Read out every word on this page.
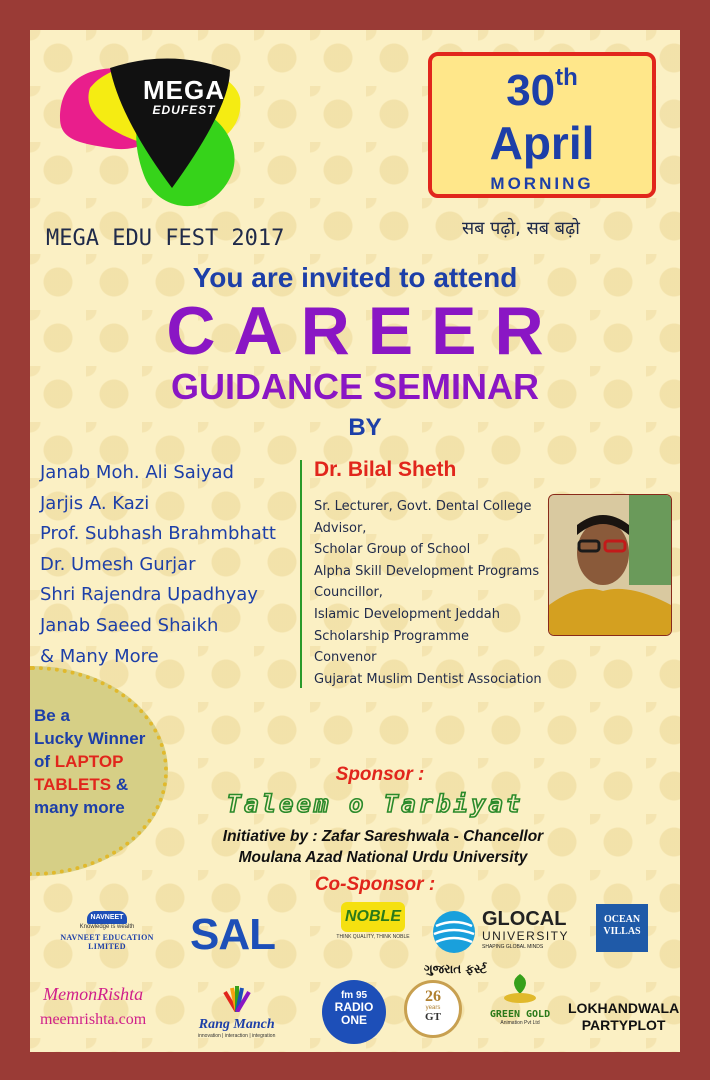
MEGA
EDUFEST
MEGA EDU FEST 2017
30th
April
MORNING
सब पढ़ो, सब बढ़ो
You are invited to attend
CAREER
GUIDANCE SEMINAR
BY
Janab Moh. Ali Saiyad
Jarjis A. Kazi
Prof. Subhash Brahmbhatt
Dr. Umesh Gurjar
Shri Rajendra Upadhyay
Janab Saeed Shaikh
& Many More
Dr. Bilal Sheth
Sr. Lecturer, Govt. Dental College
Advisor,
Scholar Group of School
Alpha Skill Development Programs
Councillor,
Islamic Development Jeddah
Scholarship Programme
Convenor
Gujarat Muslim Dentist Association
Be a
Lucky Winner
of LAPTOP
TABLETS &
many more
Sponsor :
Taleem o Tarbiyat
Initiative by : Zafar Sareshwala - Chancellor
Moulana Azad National Urdu University
Co-Sponsor :
NAVNEET
Knowledge is wealth
NAVNEET EDUCATION LIMITED	SAL	NOBLE
THINK QUALITY, THINK NOBLE
GLOCAL
UNIVERSITY
SHAPING GLOBAL MINDS
OCEAN VILLAS
MemonRishta
meemrishta.com	Rang Manch
innovation | interaction | integration
fm 95
RADIO ONE
ગુજરાત ફર્સ્ટ
26
years
GT	GREEN GOLD
Animation Pvt Ltd
LOKHANDWALA
PARTYPLOT
